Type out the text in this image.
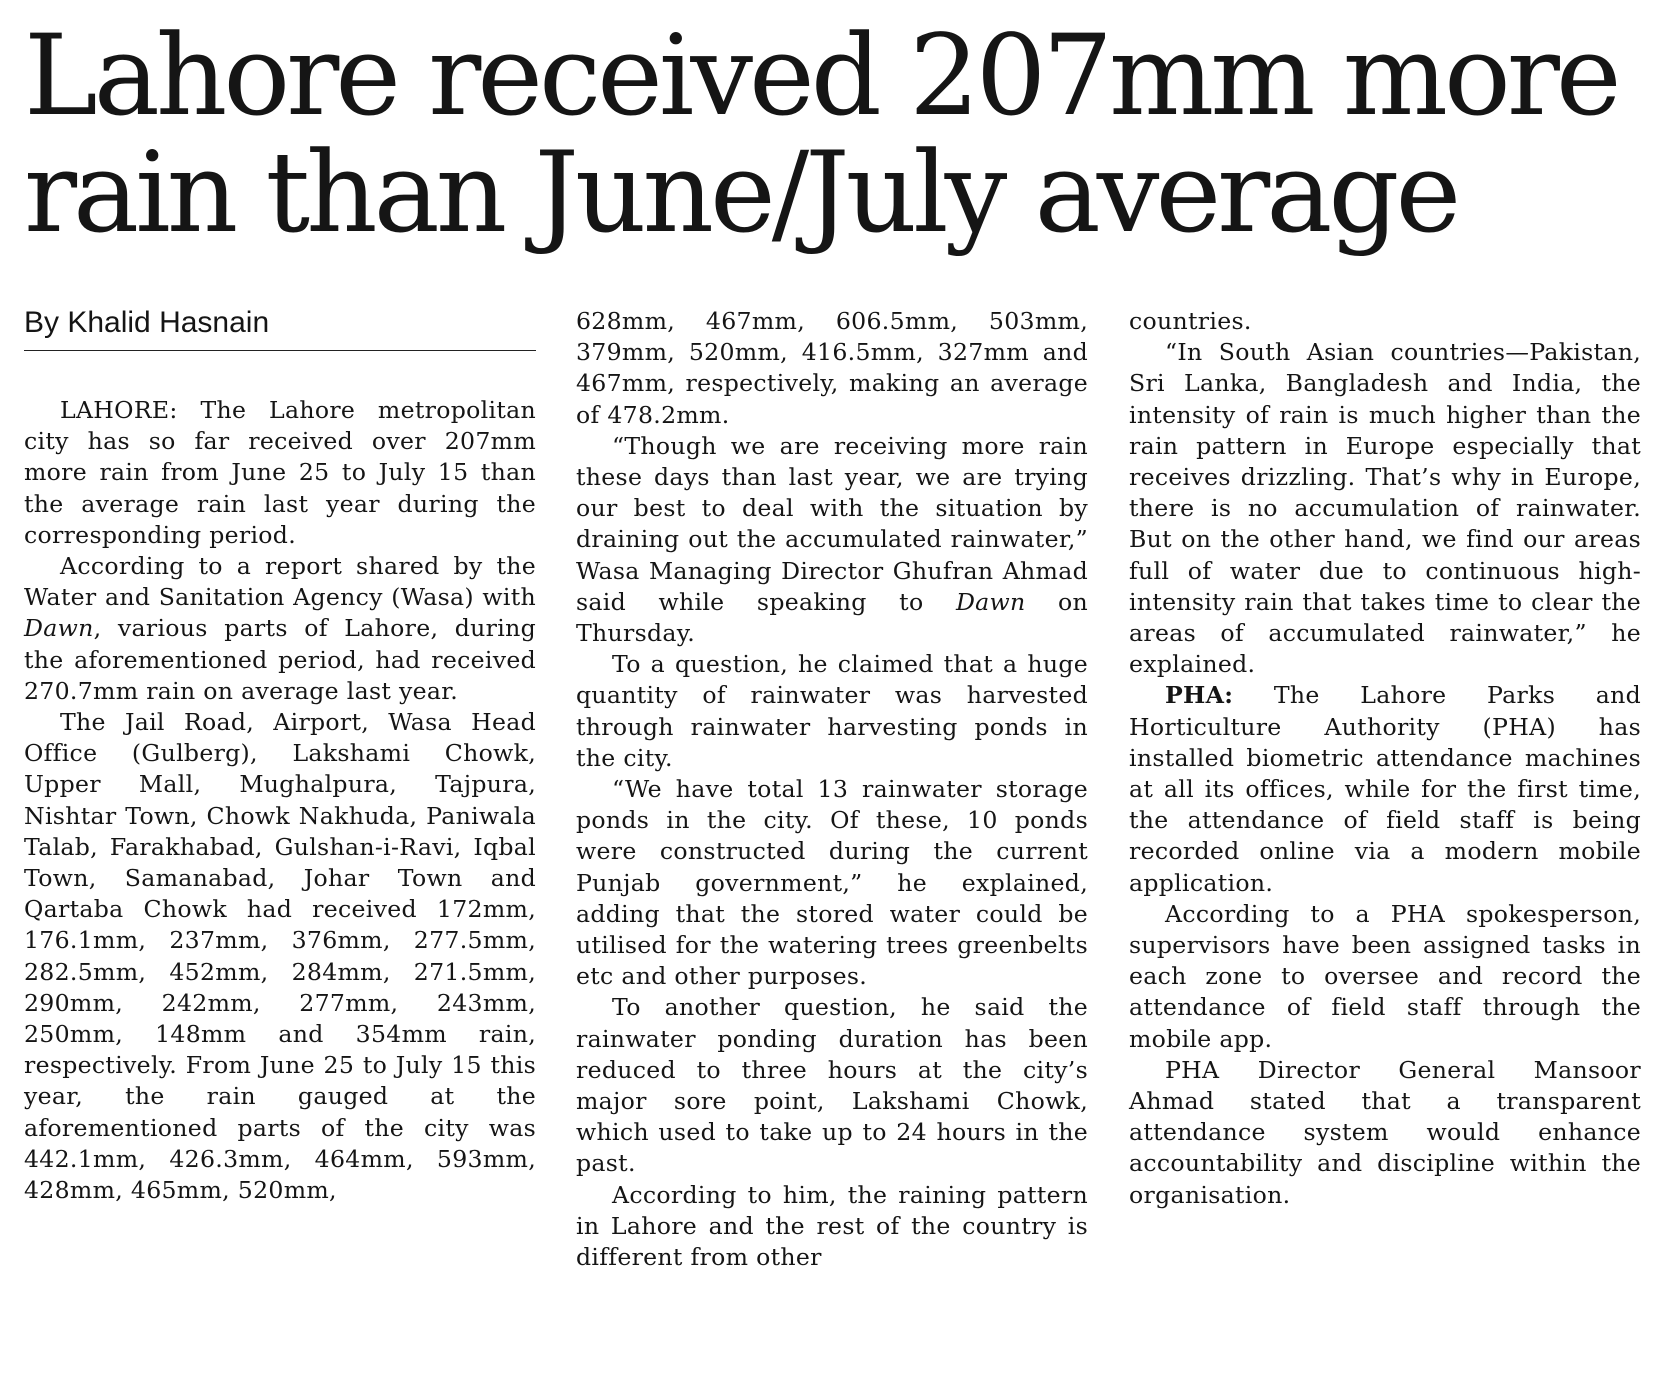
Lahore received 207mm more
rain than June/July average
By Khalid Hasnain

LAHORE: The Lahore metropolitan city has so far received over 207mm more rain from June 25 to July 15 than the average rain last year during the corresponding period.

According to a report shared by the Water and Sanitation Agency (Wasa) with Dawn, various parts of Lahore, during the aforementioned period, had received 270.7mm rain on average last year.

The Jail Road, Airport, Wasa Head Office (Gulberg), Lakshami Chowk, Upper Mall, Mughalpura, Tajpura, Nishtar Town, Chowk Nakhuda, Paniwala Talab, Farakhabad, Gulshan-i-Ravi, Iqbal Town, Samanabad, Johar Town and Qartaba Chowk had received 172mm, 176.1mm, 237mm, 376mm, 277.5mm, 282.5mm, 452mm, 284mm, 271.5mm, 290mm, 242mm, 277mm, 243mm, 250mm, 148mm and 354mm rain, respectively. From June 25 to July 15 this year, the rain gauged at the aforementioned parts of the city was 442.1mm, 426.3mm, 464mm, 593mm, 428mm, 465mm, 520mm,

628mm, 467mm, 606.5mm, 503mm, 379mm, 520mm, 416.5mm, 327mm and 467mm, respectively, making an average of 478.2mm.

“Though we are receiving more rain these days than last year, we are trying our best to deal with the situation by draining out the accumulated rainwater,” Wasa Managing Director Ghufran Ahmad said while speaking to Dawn on Thursday.

To a question, he claimed that a huge quantity of rainwater was harvested through rainwater harvesting ponds in the city.

“We have total 13 rainwater storage ponds in the city. Of these, 10 ponds were constructed during the current Punjab government,” he explained, adding that the stored water could be utilised for the watering trees greenbelts etc and other purposes.

To another question, he said the rainwater ponding duration has been reduced to three hours at the city’s major sore point, Lakshami Chowk, which used to take up to 24 hours in the past.

According to him, the raining pattern in Lahore and the rest of the country is different from other

countries.

“In South Asian countries—Pakistan, Sri Lanka, Bangladesh and India, the intensity of rain is much higher than the rain pattern in Europe especially that receives drizzling. That’s why in Europe, there is no accumulation of rainwater. But on the other hand, we find our areas full of water due to continuous high-intensity rain that takes time to clear the areas of accumulated rainwater,” he explained.

PHA: The Lahore Parks and Horticulture Authority (PHA) has installed biometric attendance machines at all its offices, while for the first time, the attendance of field staff is being recorded online via a modern mobile application.

According to a PHA spokesperson, supervisors have been assigned tasks in each zone to oversee and record the attendance of field staff through the mobile app.

PHA Director General Mansoor Ahmad stated that a transparent attendance system would enhance accountability and discipline within the organisation.
